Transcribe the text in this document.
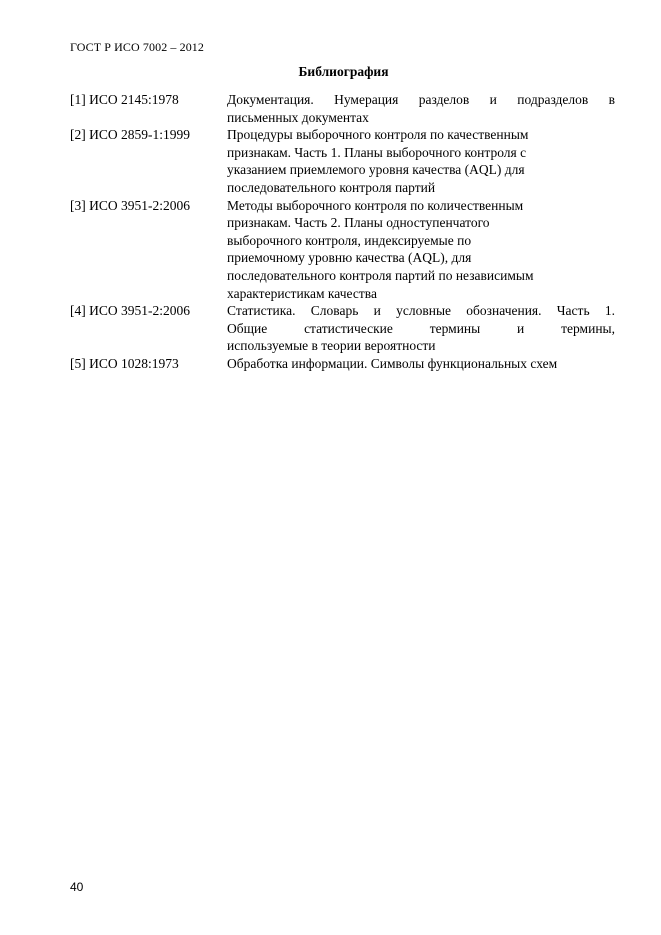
ГОСТ Р ИСО 7002 – 2012
Библиография
[1] ИСО 2145:1978	Документация. Нумерация разделов и подразделов в
письменных документах
[2] ИСО 2859-1:1999	Процедуры выборочного контроля по качественным
признакам. Часть 1. Планы выборочного контроля с
указанием приемлемого уровня качества (AQL) для
последовательного контроля партий
[3] ИСО 3951-2:2006	Методы выборочного контроля по количественным
признакам. Часть 2. Планы одноступенчатого
выборочного контроля, индексируемые по
приемочному уровню качества (AQL), для
последовательного контроля партий по независимым
характеристикам качества
[4] ИСО 3951-2:2006	Статистика. Словарь и условные обозначения. Часть 1.
Общие статистические термины и термины,
используемые в теории вероятности
[5] ИСО 1028:1973	Обработка информации. Символы функциональных схем
40
